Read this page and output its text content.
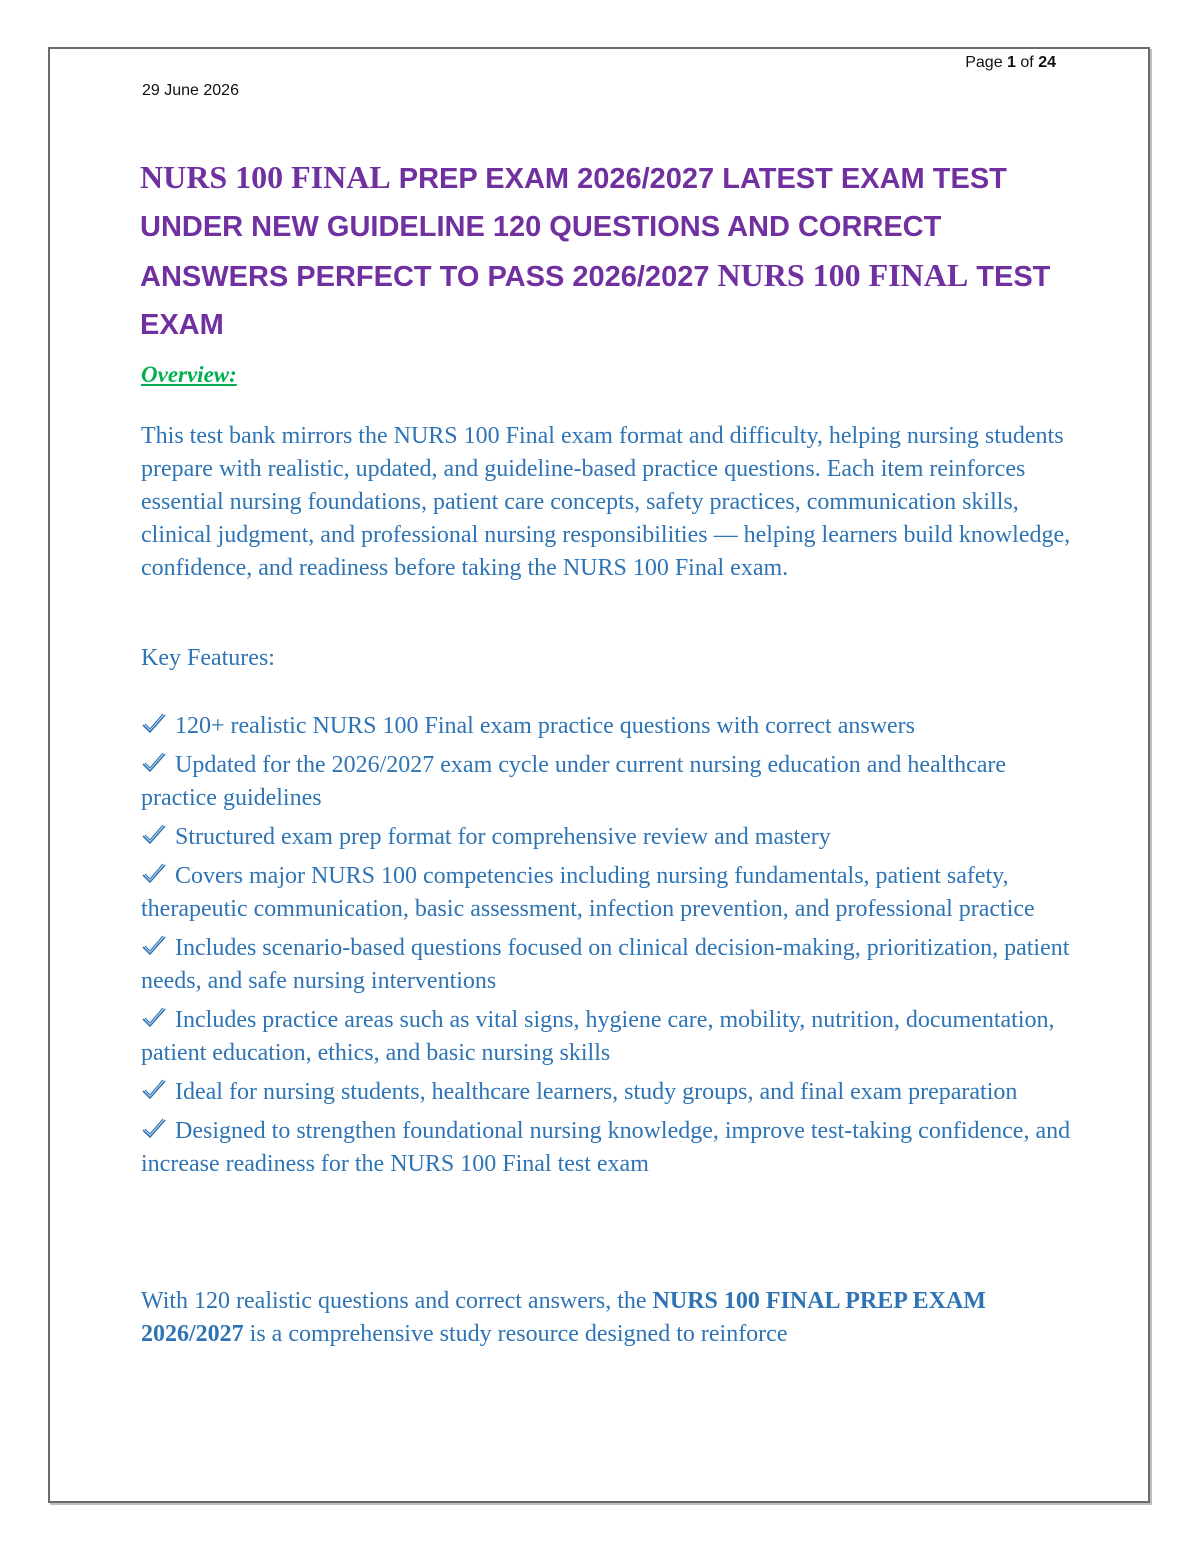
Page 1 of 24
29 June 2026
NURS 100 FINAL PREP EXAM 2026/2027 LATEST EXAM TEST UNDER NEW GUIDELINE 120 QUESTIONS AND CORRECT ANSWERS PERFECT TO PASS 2026/2027 NURS 100 FINAL TEST EXAM
Overview:
This test bank mirrors the NURS 100 Final exam format and difficulty, helping nursing students prepare with realistic, updated, and guideline-based practice questions. Each item reinforces essential nursing foundations, patient care concepts, safety practices, communication skills, clinical judgment, and professional nursing responsibilities — helping learners build knowledge, confidence, and readiness before taking the NURS 100 Final exam.
Key Features:
120+ realistic NURS 100 Final exam practice questions with correct answers
Updated for the 2026/2027 exam cycle under current nursing education and healthcare practice guidelines
Structured exam prep format for comprehensive review and mastery
Covers major NURS 100 competencies including nursing fundamentals, patient safety, therapeutic communication, basic assessment, infection prevention, and professional practice
Includes scenario-based questions focused on clinical decision-making, prioritization, patient needs, and safe nursing interventions
Includes practice areas such as vital signs, hygiene care, mobility, nutrition, documentation, patient education, ethics, and basic nursing skills
Ideal for nursing students, healthcare learners, study groups, and final exam preparation
Designed to strengthen foundational nursing knowledge, improve test-taking confidence, and increase readiness for the NURS 100 Final test exam
With 120 realistic questions and correct answers, the NURS 100 FINAL PREP EXAM 2026/2027 is a comprehensive study resource designed to reinforce
